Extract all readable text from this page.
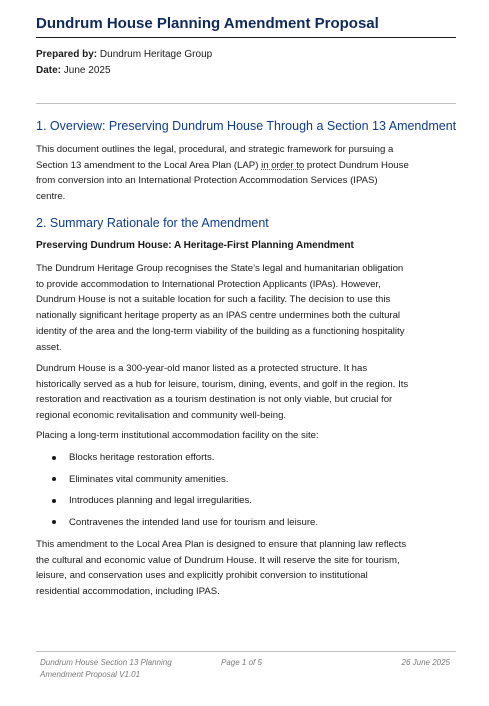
Dundrum House Planning Amendment Proposal
Prepared by: Dundrum Heritage Group
Date: June 2025
1. Overview: Preserving Dundrum House Through a Section 13 Amendment

This document outlines the legal, procedural, and strategic framework for pursuing a
Section 13 amendment to the Local Area Plan (LAP) in order to protect Dundrum House
from conversion into an International Protection Accommodation Services (IPAS)
centre.

2. Summary Rationale for the Amendment
Preserving Dundrum House: A Heritage-First Planning Amendment

The Dundrum Heritage Group recognises the State’s legal and humanitarian obligation
to provide accommodation to International Protection Applicants (IPAs). However,
Dundrum House is not a suitable location for such a facility. The decision to use this
nationally significant heritage property as an IPAS centre undermines both the cultural
identity of the area and the long-term viability of the building as a functioning hospitality
asset.

Dundrum House is a 300-year-old manor listed as a protected structure. It has
historically served as a hub for leisure, tourism, dining, events, and golf in the region. Its
restoration and reactivation as a tourism destination is not only viable, but crucial for
regional economic revitalisation and community well-being.

Placing a long-term institutional accommodation facility on the site:

Blocks heritage restoration efforts.
Eliminates vital community amenities.
Introduces planning and legal irregularities.
Contravenes the intended land use for tourism and leisure.

This amendment to the Local Area Plan is designed to ensure that planning law reflects
the cultural and economic value of Dundrum House. It will reserve the site for tourism,
leisure, and conservation uses and explicitly prohibit conversion to institutional
residential accommodation, including IPAS.

Dundrum House Section 13 Planning
Amendment Proposal V1.01
Page 1 of 5	26 June 2025
